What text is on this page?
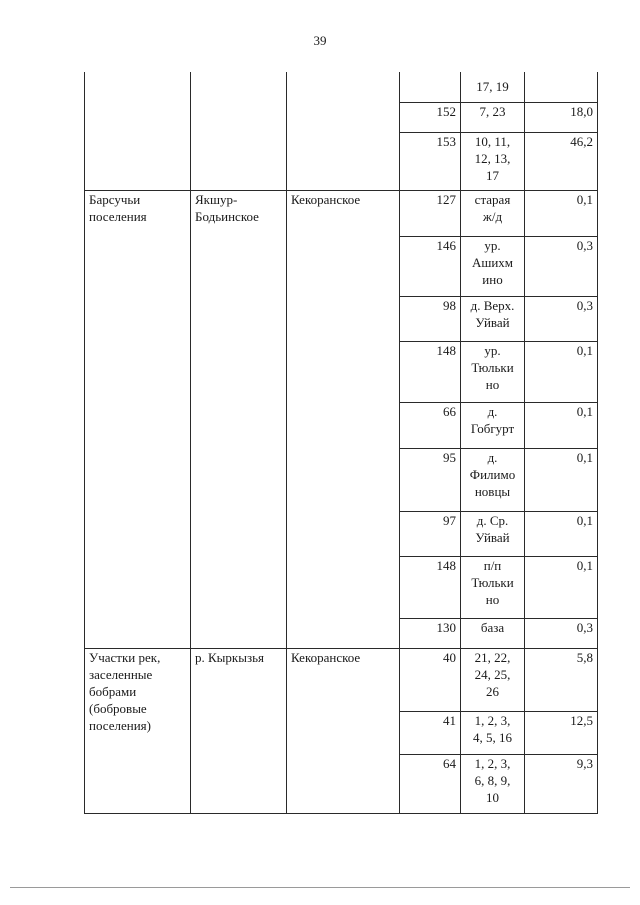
39
				17, 19	
			152	7, 23	18,0
			153	10, 11,
12, 13,
17	46,2
Барсучьи
поселения	Якшур-
Бодьинское	Кекоранское	127	старая
ж/д	0,1
			146	ур.
Ашихм
ино	0,3
			98	д. Верх.
Уйвай	0,3
			148	ур.
Тюльки
но	0,1
			66	д.
Гобгурт	0,1
			95	д.
Филимо
новцы	0,1
			97	д. Ср.
Уйвай	0,1
			148	п/п
Тюльки
но	0,1
			130	база	0,3
Участки рек,
заселенные
бобрами
(бобровые
поселения)	р. Кыркызья	Кекоранское	40	21, 22,
24, 25,
26	5,8
			41	1, 2, 3,
4, 5, 16	12,5
			64	1, 2, 3,
6, 8, 9,
10	9,3
